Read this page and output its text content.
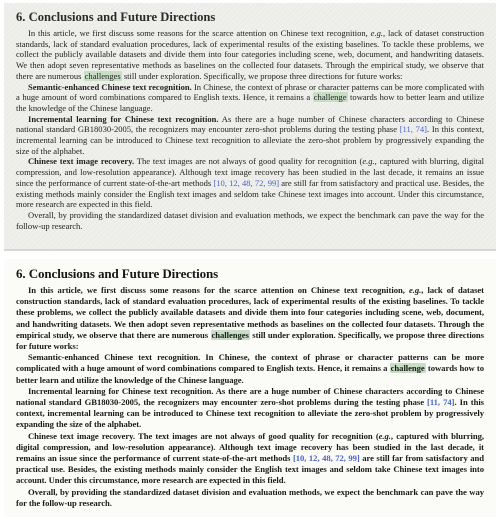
6. Conclusions and Future Directions

In this article, we first discuss some reasons for the scarce attention on Chinese text recognition, e.g., lack of dataset construction standards, lack of standard evaluation procedures, lack of experimental results of the existing baselines. To tackle these problems, we collect the publicly available datasets and divide them into four categories including scene, web, document, and handwriting datasets. We then adopt seven representative methods as baselines on the collected four datasets. Through the empirical study, we observe that there are numerous challenges still under exploration. Specifically, we propose three directions for future works:

Semantic-enhanced Chinese text recognition. In Chinese, the context of phrase or character patterns can be more complicated with a huge amount of word combinations compared to English texts. Hence, it remains a challenge towards how to better learn and utilize the knowledge of the Chinese language.

Incremental learning for Chinese text recognition. As there are a huge number of Chinese characters according to Chinese national standard GB18030-2005, the recognizers may encounter zero-shot problems during the testing phase [11, 74]. In this context, incremental learning can be introduced to Chinese text recognition to alleviate the zero-shot problem by progressively expanding the size of the alphabet.

Chinese text image recovery. The text images are not always of good quality for recognition (e.g., captured with blurring, digital compression, and low-resolution appearance). Although text image recovery has been studied in the last decade, it remains an issue since the performance of current state-of-the-art methods [10, 12, 48, 72, 99] are still far from satisfactory and practical use. Besides, the existing methods mainly consider the English text images and seldom take Chinese text images into account. Under this circumstance, more research are expected in this field.

Overall, by providing the standardized dataset division and evaluation methods, we expect the benchmark can pave the way for the follow-up research.

6. Conclusions and Future Directions

In this article, we first discuss some reasons for the scarce attention on Chinese text recognition, e.g., lack of dataset construction standards, lack of standard evaluation procedures, lack of experimental results of the existing baselines. To tackle these problems, we collect the publicly available datasets and divide them into four categories including scene, web, document, and handwriting datasets. We then adopt seven representative methods as baselines on the collected four datasets. Through the empirical study, we observe that there are numerous challenges still under exploration. Specifically, we propose three directions for future works:

Semantic-enhanced Chinese text recognition. In Chinese, the context of phrase or character patterns can be more complicated with a huge amount of word combinations compared to English texts. Hence, it remains a challenge towards how to better learn and utilize the knowledge of the Chinese language.

Incremental learning for Chinese text recognition. As there are a huge number of Chinese characters according to Chinese national standard GB18030-2005, the recognizers may encounter zero-shot problems during the testing phase [11, 74]. In this context, incremental learning can be introduced to Chinese text recognition to alleviate the zero-shot problem by progressively expanding the size of the alphabet.

Chinese text image recovery. The text images are not always of good quality for recognition (e.g., captured with blurring, digital compression, and low-resolution appearance). Although text image recovery has been studied in the last decade, it remains an issue since the performance of current state-of-the-art methods [10, 12, 48, 72, 99] are still far from satisfactory and practical use. Besides, the existing methods mainly consider the English text images and seldom take Chinese text images into account. Under this circumstance, more research are expected in this field.

Overall, by providing the standardized dataset division and evaluation methods, we expect the benchmark can pave the way for the follow-up research.
